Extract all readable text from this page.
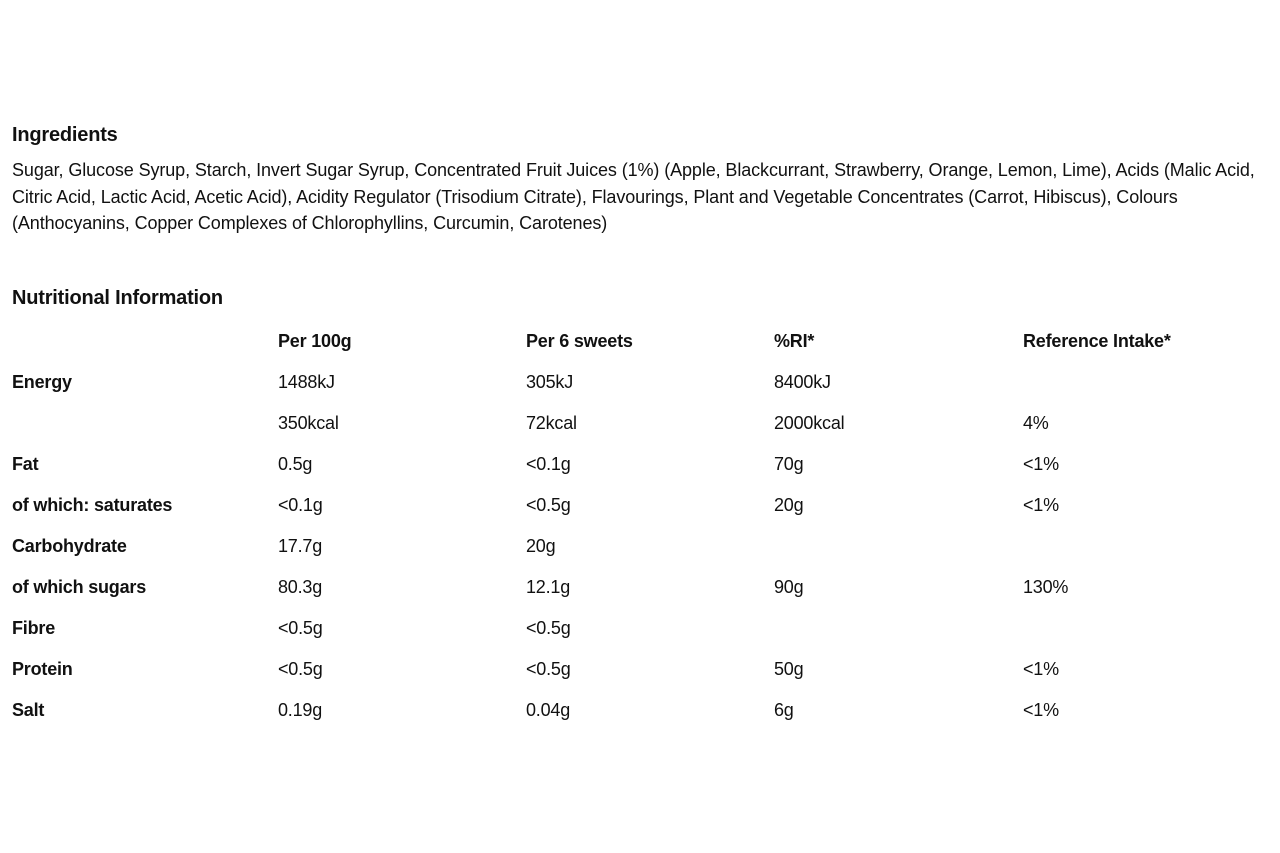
Ingredients
Sugar, Glucose Syrup, Starch, Invert Sugar Syrup, Concentrated Fruit Juices (1%) (Apple, Blackcurrant, Strawberry, Orange, Lemon, Lime), Acids (Malic Acid, Citric Acid, Lactic Acid, Acetic Acid), Acidity Regulator (Trisodium Citrate), Flavourings, Plant and Vegetable Concentrates (Carrot, Hibiscus), Colours (Anthocyanins, Copper Complexes of Chlorophyllins, Curcumin, Carotenes)
Nutritional Information
	Per 100g	Per 6 sweets	%RI*	Reference Intake*
Energy	1488kJ	305kJ	8400kJ	
	350kcal	72kcal	2000kcal	4%
Fat	0.5g	<0.1g	70g	<1%
of which: saturates	<0.1g	<0.5g	20g	<1%
Carbohydrate	17.7g	20g		
of which sugars	80.3g	12.1g	90g	130%
Fibre	<0.5g	<0.5g		
Protein	<0.5g	<0.5g	50g	<1%
Salt	0.19g	0.04g	6g	<1%
